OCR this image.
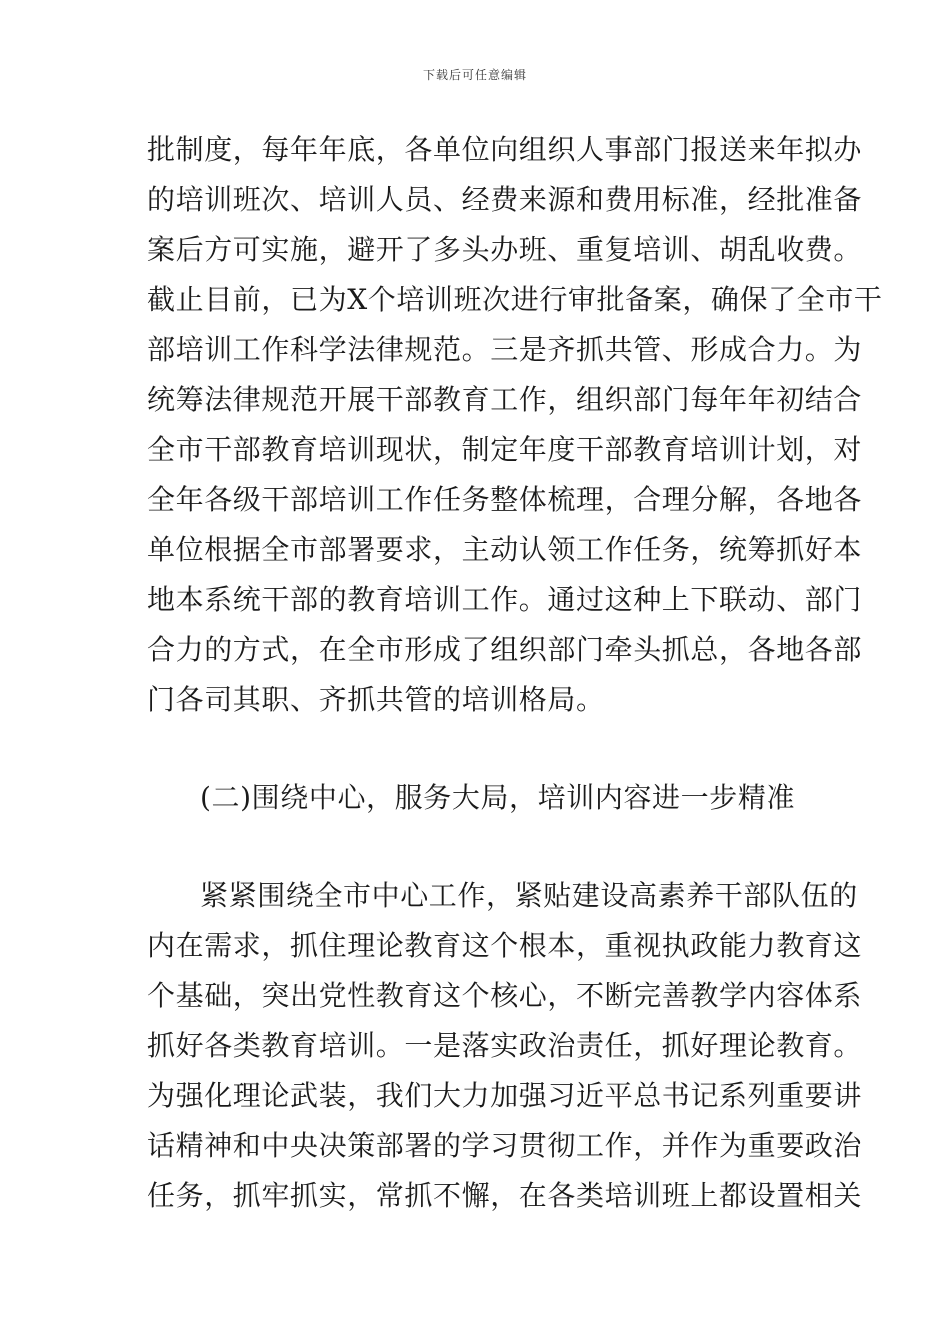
下载后可任意编辑
批制度，每年年底，各单位向组织人事部门报送来年拟办
的培训班次、培训人员、经费来源和费用标准，经批准备
案后方可实施，避开了多头办班、重复培训、胡乱收费。
截止目前，已为X个培训班次进行审批备案，确保了全市干
部培训工作科学法律规范。三是齐抓共管、形成合力。为
统筹法律规范开展干部教育工作，组织部门每年年初结合
全市干部教育培训现状，制定年度干部教育培训计划，对
全年各级干部培训工作任务整体梳理，合理分解，各地各
单位根据全市部署要求，主动认领工作任务，统筹抓好本
地本系统干部的教育培训工作。通过这种上下联动、部门
合力的方式，在全市形成了组织部门牵头抓总，各地各部
门各司其职、齐抓共管的培训格局。
(二)围绕中心，服务大局，培训内容进一步精准
紧紧围绕全市中心工作，紧贴建设高素养干部队伍的
内在需求，抓住理论教育这个根本，重视执政能力教育这
个基础，突出党性教育这个核心，不断完善教学内容体系
抓好各类教育培训。一是落实政治责任，抓好理论教育。
为强化理论武装，我们大力加强习近平总书记系列重要讲
话精神和中央决策部署的学习贯彻工作，并作为重要政治
任务，抓牢抓实，常抓不懈，在各类培训班上都设置相关
